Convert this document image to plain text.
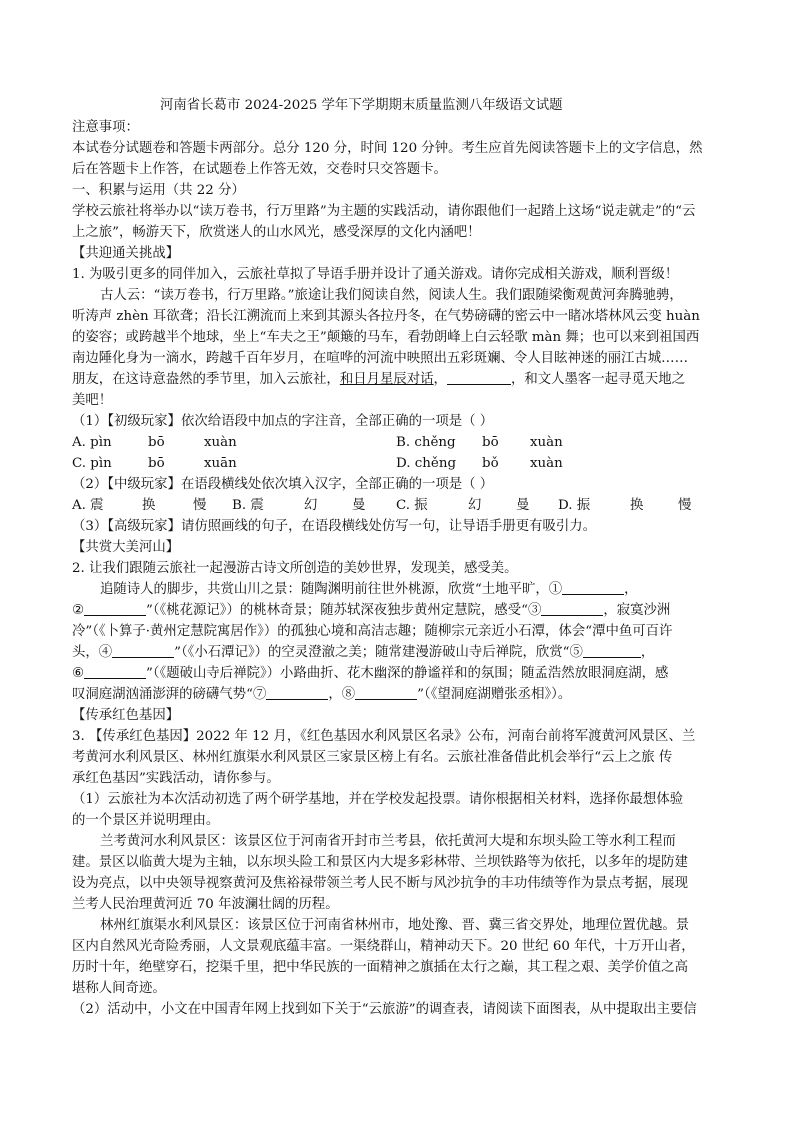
河南省长葛市 2024-2025 学年下学期期末质量监测八年级语文试题
注意事项：
本试卷分试题卷和答题卡两部分。总分 120 分，时间 120 分钟。考生应首先阅读答题卡上的文字信息，然
后在答题卡上作答，在试题卷上作答无效，交卷时只交答题卡。
一、积累与运用（共 22 分）
学校云旅社将举办以“读万卷书，行万里路”为主题的实践活动，请你跟他们一起踏上这场“说走就走”的“云
上之旅”，畅游天下，欣赏迷人的山水风光，感受深厚的文化内涵吧！
【共迎通关挑战】
1. 为吸引更多的同伴加入，云旅社草拟了导语手册并设计了通关游戏。请你完成相关游戏，顺利晋级！
古人云：“读万卷书，行万里路。”旅途让我们阅读自然，阅读人生。我们跟随梁衡观黄河奔腾驰骋，
听涛声 zhèn 耳欲聋；沿长江溯流而上来到其源头各拉丹冬，在气势磅礴的密云中一睹冰塔林风云变 huàn
的姿容；或跨越半个地球，坐上“车夫之王”颠簸的马车，看勃朗峰上白云轻歌 màn 舞；也可以来到祖国西
南边陲化身为一滴水，跨越千百年岁月，在喧哗的河流中映照出五彩斑斓、令人目眩神迷的丽江古城……
朋友，在这诗意盎然的季节里，加入云旅社，和日月星辰对话，	，和文人墨客一起寻觅天地之
美吧！
（1）【初级玩家】依次给语段中加点的字注音，全部正确的一项是（ ）
A. pìn	bō	xuàn	B. chěng bō xuàn
C. pìn	bō	xuān	D. chěng bǒ xuàn
（2）【中级玩家】在语段横线处依次填入汉字，全部正确的一项是（ ）
A. 震	换	慢 B. 震	幻	曼 C. 振	幻	曼 D. 振	换	慢
（3）【高级玩家】请仿照画线的句子，在语段横线处仿写一句，让导语手册更有吸引力。
【共赏大美河山】
2. 让我们跟随云旅社一起漫游古诗文所创造的美妙世界，发现美，感受美。
追随诗人的脚步，共赏山川之景：随陶渊明前往世外桃源，欣赏“土地平旷，①	，
②	”（《桃花源记》）的桃林奇景；随苏轼深夜独步黄州定慧院，感受“③	，寂寞沙洲
冷”（《卜算子·黄州定慧院寓居作》）的孤独心境和高洁志趣；随柳宗元亲近小石潭，体会“潭中鱼可百许
头，④	”（《小石潭记》）的空灵澄澈之美；随常建漫游破山寺后禅院，欣赏“⑤	，
⑥	”（《题破山寺后禅院》）小路曲折、花木幽深的静谧祥和的氛围；随孟浩然放眼洞庭湖，感
叹洞庭湖汹涌澎湃的磅礴气势“⑦	，⑧	”（《望洞庭湖赠张丞相》）。
【传承红色基因】
3. 【传承红色基因】2022 年 12 月，《红色基因水利风景区名录》公布，河南台前将军渡黄河风景区、兰
考黄河水利风景区、林州红旗渠水利风景区三家景区榜上有名。云旅社准备借此机会举行“云上之旅 传
承红色基因”实践活动，请你参与。
（1）云旅社为本次活动初选了两个研学基地，并在学校发起投票。请你根据相关材料，选择你最想体验
的一个景区并说明理由。
兰考黄河水利风景区：该景区位于河南省开封市兰考县，依托黄河大堤和东坝头险工等水利工程而
建。景区以临黄大堤为主轴，以东坝头险工和景区内大堤多彩林带、兰坝铁路等为依托，以多年的堤防建
设为亮点，以中央领导视察黄河及焦裕禄带领兰考人民不断与风沙抗争的丰功伟绩等作为景点考据，展现
兰考人民治理黄河近 70 年波澜壮阔的历程。
林州红旗渠水利风景区：该景区位于河南省林州市，地处豫、晋、冀三省交界处，地理位置优越。景
区内自然风光奇险秀丽，人文景观底蕴丰富。一渠绕群山，精神动天下。20 世纪 60 年代，十万开山者，
历时十年，绝壁穿石，挖渠千里，把中华民族的一面精神之旗插在太行之巅，其工程之艰、美学价值之高
堪称人间奇迹。
（2）活动中，小文在中国青年网上找到如下关于“云旅游”的调查表，请阅读下面图表，从中提取出主要信
